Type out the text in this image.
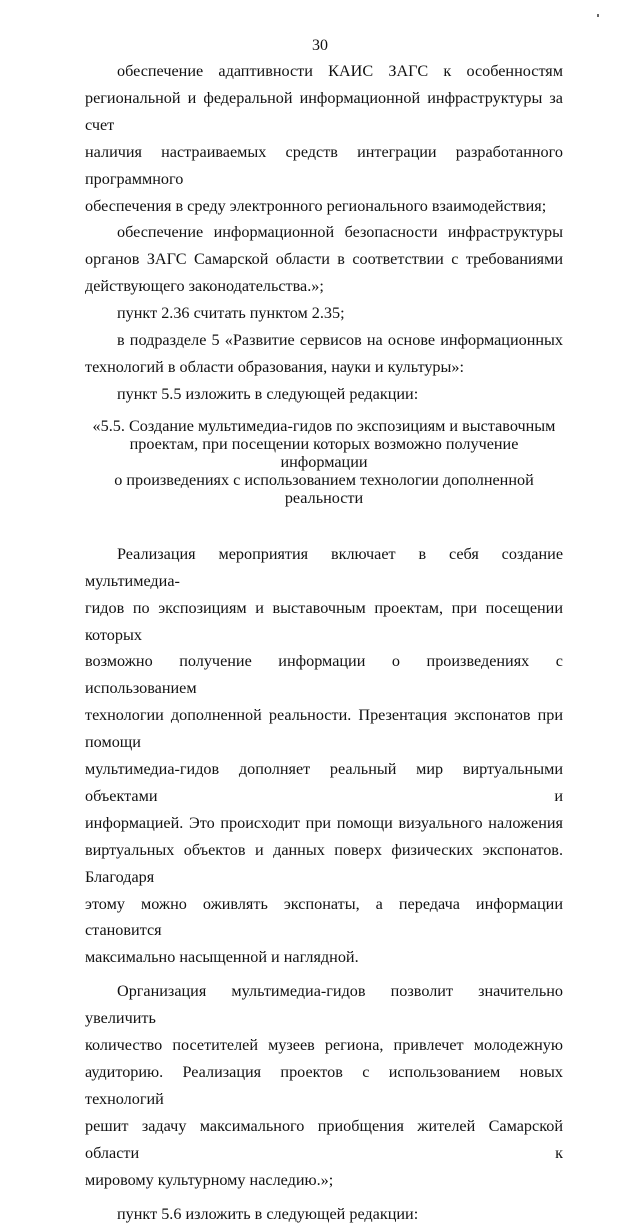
30

обеспечение адаптивности КАИС ЗАГС к особенностям
региональной и федеральной информационной инфраструктуры за счет
наличия настраиваемых средств интеграции разработанного программного
обеспечения в среду электронного регионального взаимодействия;

обеспечение информационной безопасности инфраструктуры
органов ЗАГС Самарской области в соответствии с требованиями
действующего законодательства.»;

пункт 2.36 считать пунктом 2.35;

в подразделе 5 «Развитие сервисов на основе информационных
технологий в области образования, науки и культуры»:

пункт 5.5 изложить в следующей редакции:

«5.5. Создание мультимедиа-гидов по экспозициям и выставочным
проектам, при посещении которых возможно получение информации
о произведениях с использованием технологии дополненной реальности

Реализация мероприятия включает в себя создание мультимедиа-
гидов по экспозициям и выставочным проектам, при посещении которых
возможно получение информации о произведениях с использованием
технологии дополненной реальности. Презентация экспонатов при помощи
мультимедиа-гидов дополняет реальный мир виртуальными объектами и
информацией. Это происходит при помощи визуального наложения
виртуальных объектов и данных поверх физических экспонатов. Благодаря
этому можно оживлять экспонаты, а передача информации становится
максимально насыщенной и наглядной.

Организация мультимедиа-гидов позволит значительно увеличить
количество посетителей музеев региона, привлечет молодежную
аудиторию. Реализация проектов с использованием новых технологий
решит задачу максимального приобщения жителей Самарской области к
мировому культурному наследию.»;

пункт 5.6 изложить в следующей редакции:
